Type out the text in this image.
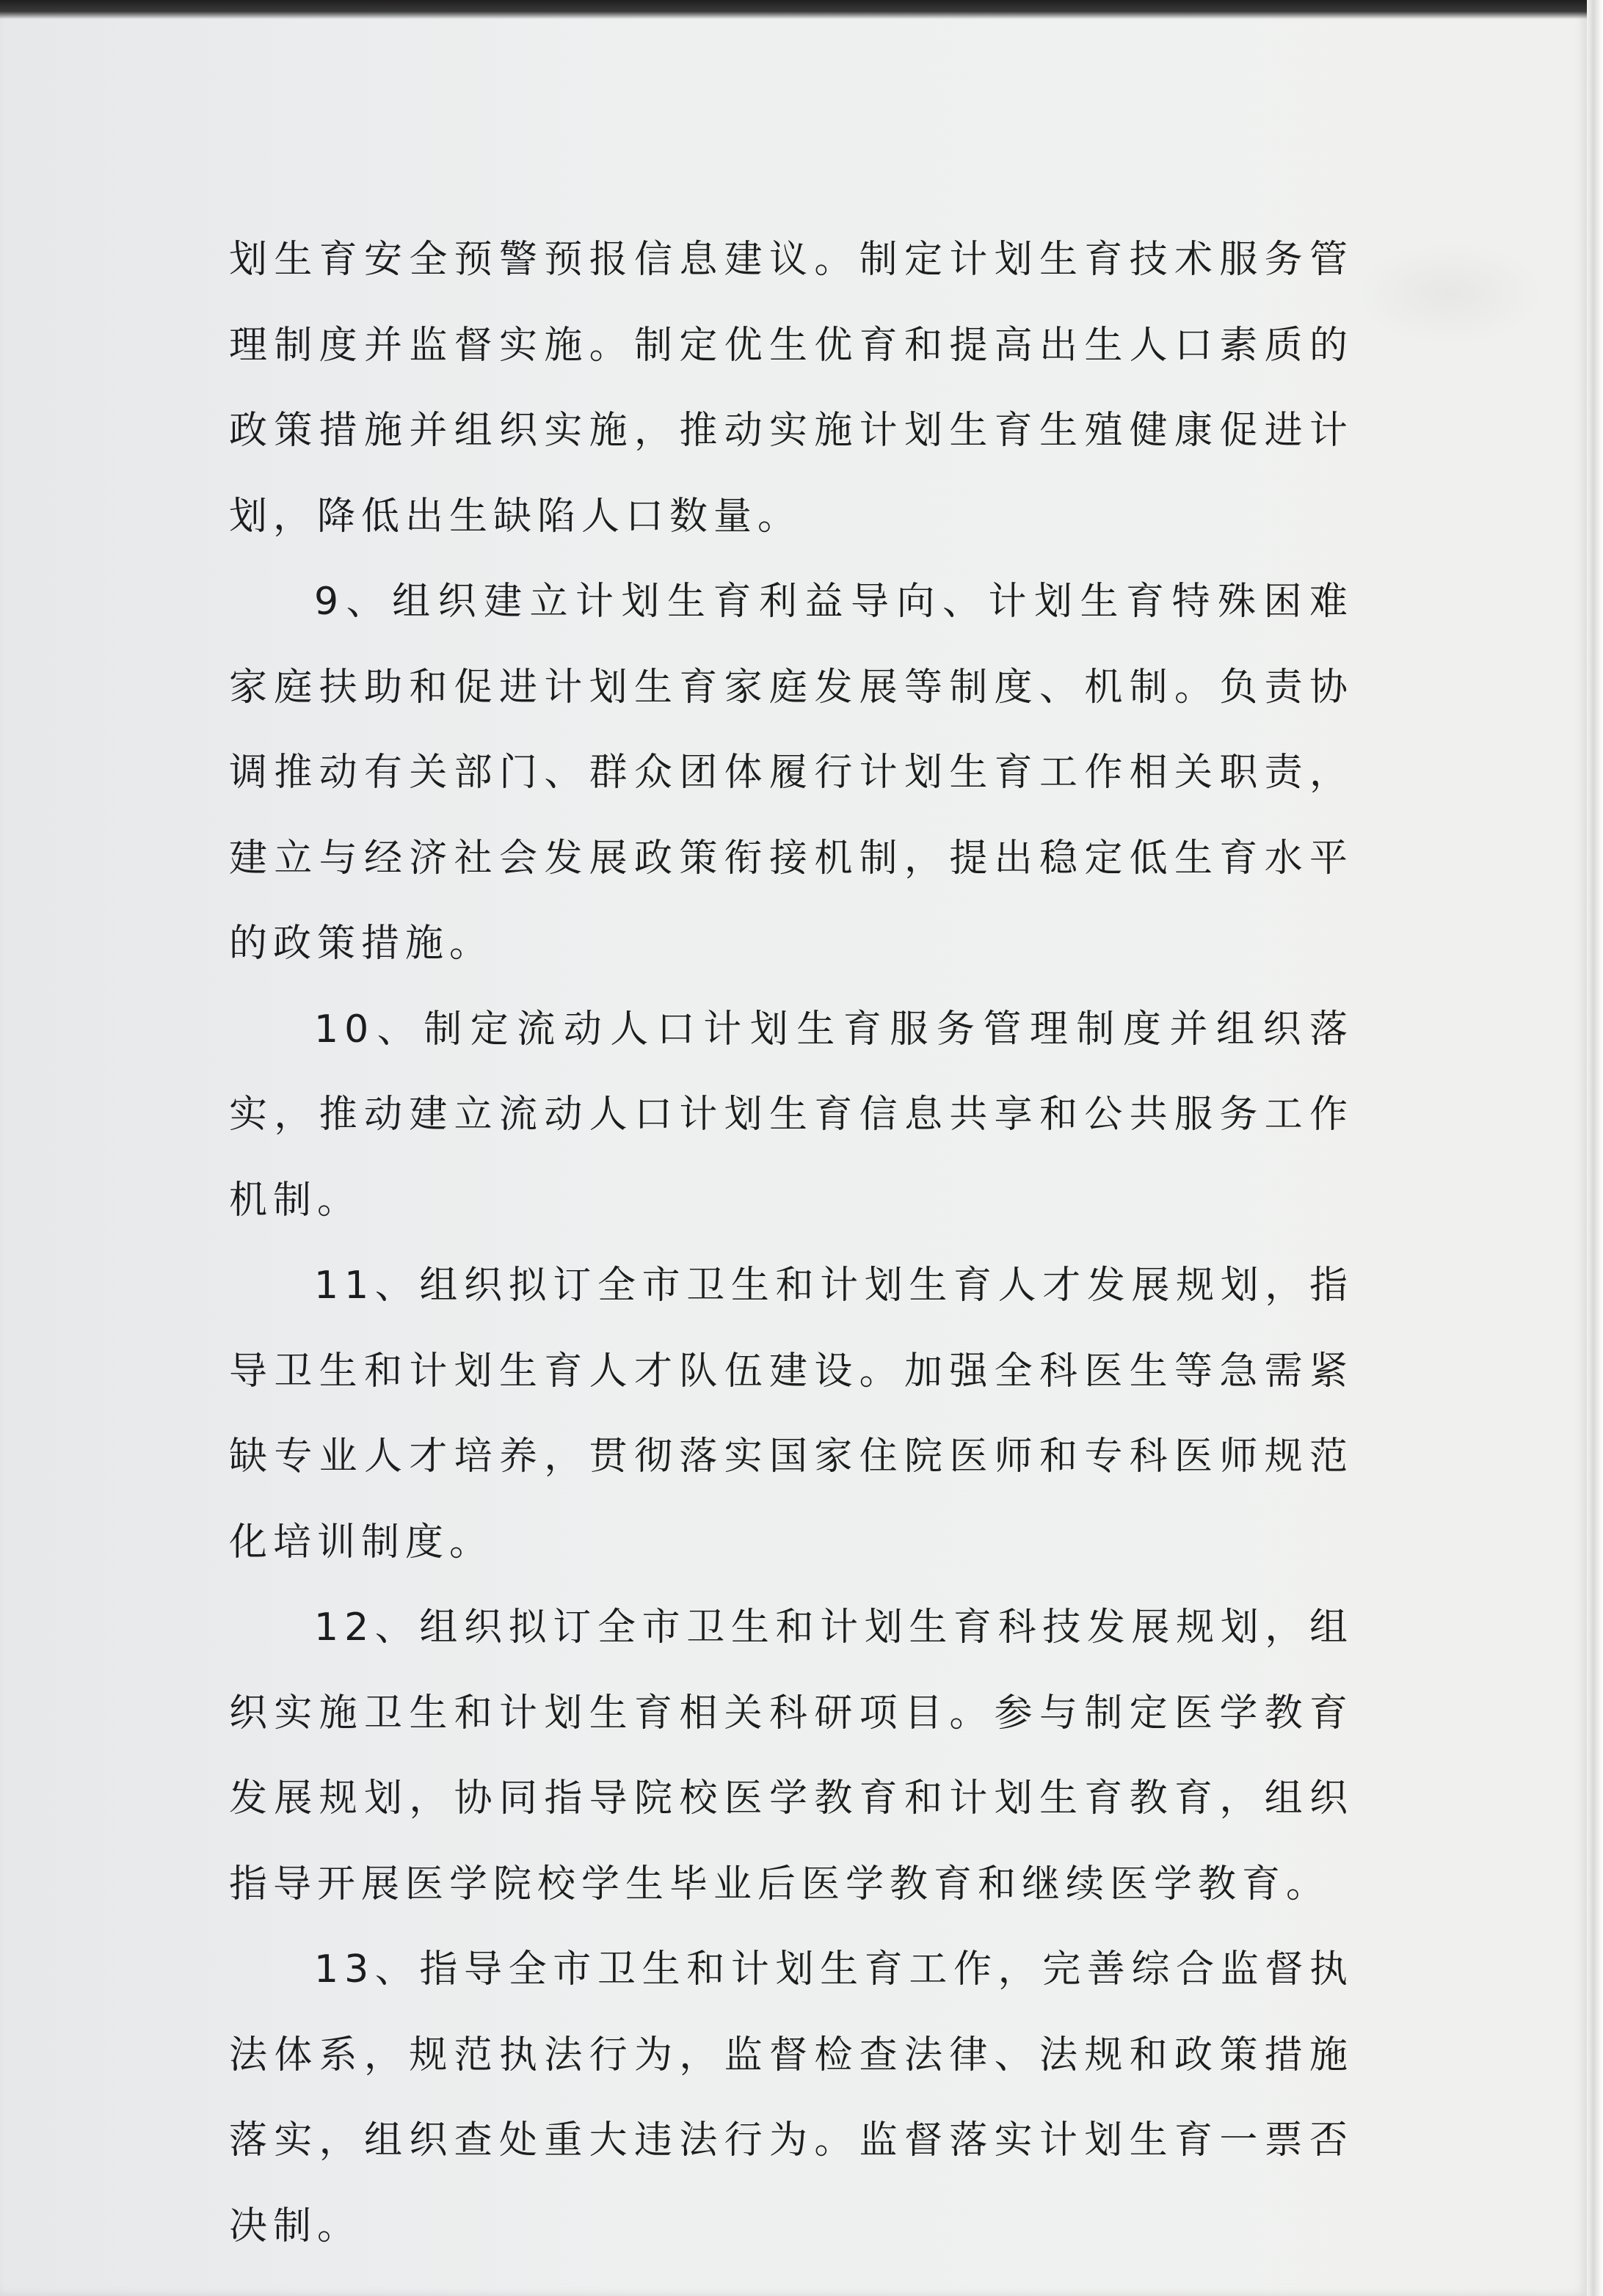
划生育安全预警预报信息建议。制定计划生育技术服务管理制度并监督实施。制定优生优育和提高出生人口素质的政策措施并组织实施，推动实施计划生育生殖健康促进计划，降低出生缺陷人口数量。

9、组织建立计划生育利益导向、计划生育特殊困难家庭扶助和促进计划生育家庭发展等制度、机制。负责协调推动有关部门、群众团体履行计划生育工作相关职责，建立与经济社会发展政策衔接机制，提出稳定低生育水平的政策措施。

10、制定流动人口计划生育服务管理制度并组织落实，推动建立流动人口计划生育信息共享和公共服务工作机制。

11、组织拟订全市卫生和计划生育人才发展规划，指导卫生和计划生育人才队伍建设。加强全科医生等急需紧缺专业人才培养，贯彻落实国家住院医师和专科医师规范化培训制度。

12、组织拟订全市卫生和计划生育科技发展规划，组织实施卫生和计划生育相关科研项目。参与制定医学教育发展规划，协同指导院校医学教育和计划生育教育，组织指导开展医学院校学生毕业后医学教育和继续医学教育。

13、指导全市卫生和计划生育工作，完善综合监督执法体系，规范执法行为，监督检查法律、法规和政策措施落实，组织查处重大违法行为。监督落实计划生育一票否决制。
